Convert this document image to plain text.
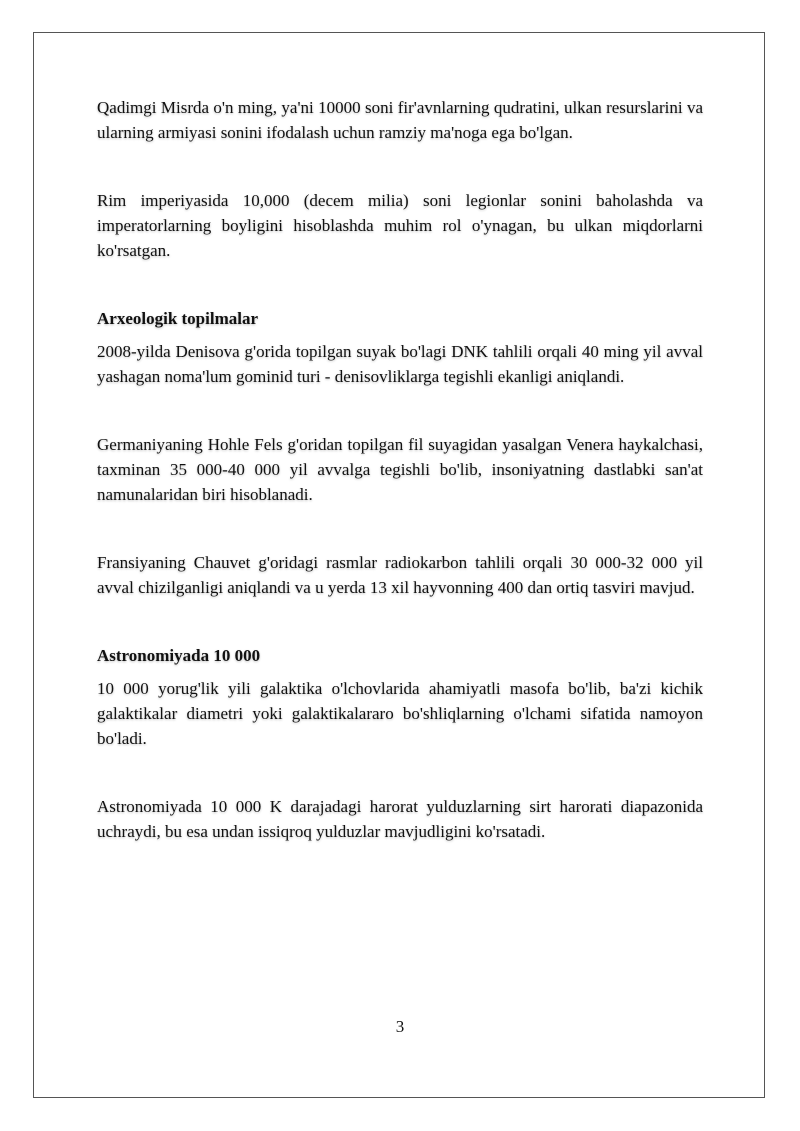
Qadimgi Misrda o'n ming, ya'ni 10000 soni fir'avnlarning qudratini, ulkan resurslarini va ularning armiyasi sonini ifodalash uchun ramziy ma'noga ega bo'lgan.

Rim imperiyasida 10,000 (decem milia) soni legionlar sonini baholashda va imperatorlarning boyligini hisoblashda muhim rol o'ynagan, bu ulkan miqdorlarni ko'rsatgan.

Arxeologik topilmalar

2008-yilda Denisova g'orida topilgan suyak bo'lagi DNK tahlili orqali 40 ming yil avval yashagan noma'lum gominid turi - denisovliklarga tegishli ekanligi aniqlandi.

Germaniyaning Hohle Fels g'oridan topilgan fil suyagidan yasalgan Venera haykalchasi, taxminan 35 000-40 000 yil avvalga tegishli bo'lib, insoniyatning dastlabki san'at namunalaridan biri hisoblanadi.

Fransiyaning Chauvet g'oridagi rasmlar radiokarbon tahlili orqali 30 000-32 000 yil avval chizilganligi aniqlandi va u yerda 13 xil hayvonning 400 dan ortiq tasviri mavjud.

Astronomiyada 10 000

10 000 yorug'lik yili galaktika o'lchovlarida ahamiyatli masofa bo'lib, ba'zi kichik galaktikalar diametri yoki galaktikalararo bo'shliqlarning o'lchami sifatida namoyon bo'ladi.

Astronomiyada 10 000 K darajadagi harorat yulduzlarning sirt harorati diapazonida uchraydi, bu esa undan issiqroq yulduzlar mavjudligini ko'rsatadi.

3
